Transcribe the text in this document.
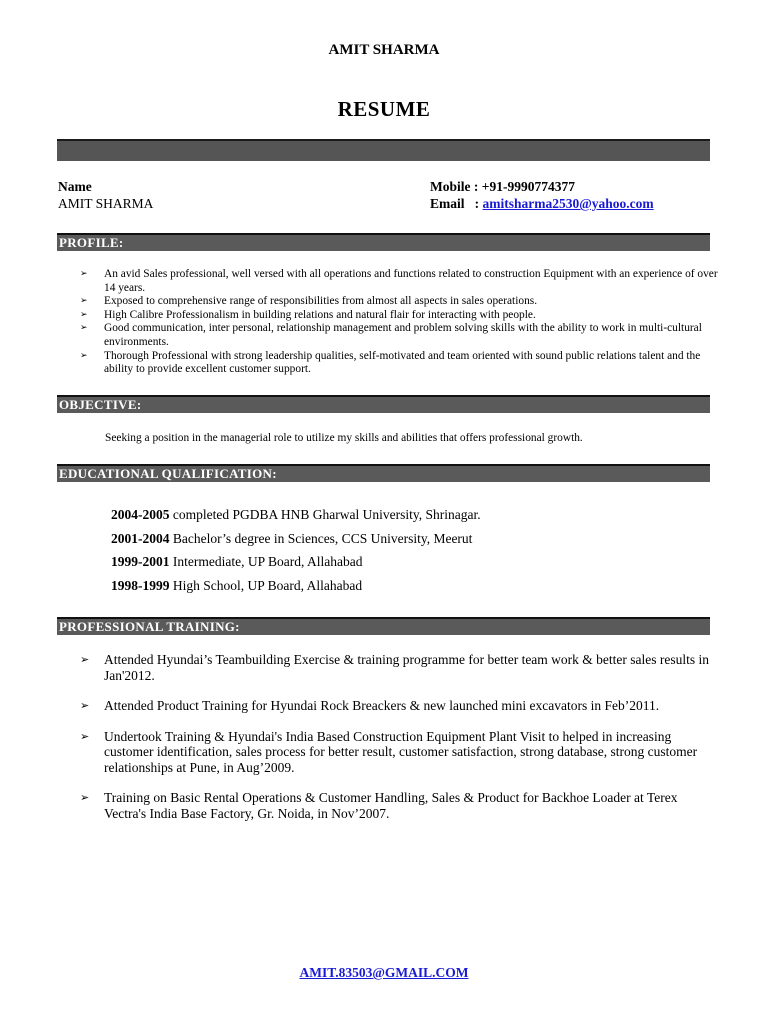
AMIT SHARMA
RESUME
Name
AMIT SHARMA
Mobile : +91-9990774377
Email   : amitsharma2530@yahoo.com
PROFILE:
➢ An avid Sales professional, well versed with all operations and functions related to construction Equipment with an experience of over 14 years.
➢ Exposed to comprehensive range of responsibilities from almost all aspects in sales operations.
➢ High Calibre Professionalism in building relations and natural flair for interacting with people.
➢ Good communication, inter personal, relationship management and problem solving skills with the ability to work in multi-cultural environments.
➢ Thorough Professional with strong leadership qualities, self-motivated and team oriented with sound public relations talent and the ability to provide excellent customer support.
OBJECTIVE:
Seeking a position in the managerial role to utilize my skills and abilities that offers professional growth.
EDUCATIONAL QUALIFICATION:
2004-2005 completed PGDBA HNB Gharwal University, Shrinagar.
2001-2004 Bachelor’s degree in Sciences, CCS University, Meerut
1999-2001 Intermediate, UP Board, Allahabad
1998-1999 High School, UP Board, Allahabad
PROFESSIONAL TRAINING:
➢ Attended Hyundai’s Teambuilding Exercise & training programme for better team work & better sales results in Jan'2012.
➢ Attended Product Training for Hyundai Rock Breackers & new launched mini excavators in Feb’2011.
➢ Undertook Training & Hyundai's India Based Construction Equipment Plant Visit to helped in increasing customer identification, sales process for better result, customer satisfaction, strong database, strong customer relationships at Pune, in Aug’2009.
➢ Training on Basic Rental Operations & Customer Handling, Sales & Product for Backhoe Loader at Terex Vectra's India Base Factory, Gr. Noida, in Nov’2007.
AMIT.83503@GMAIL.COM
